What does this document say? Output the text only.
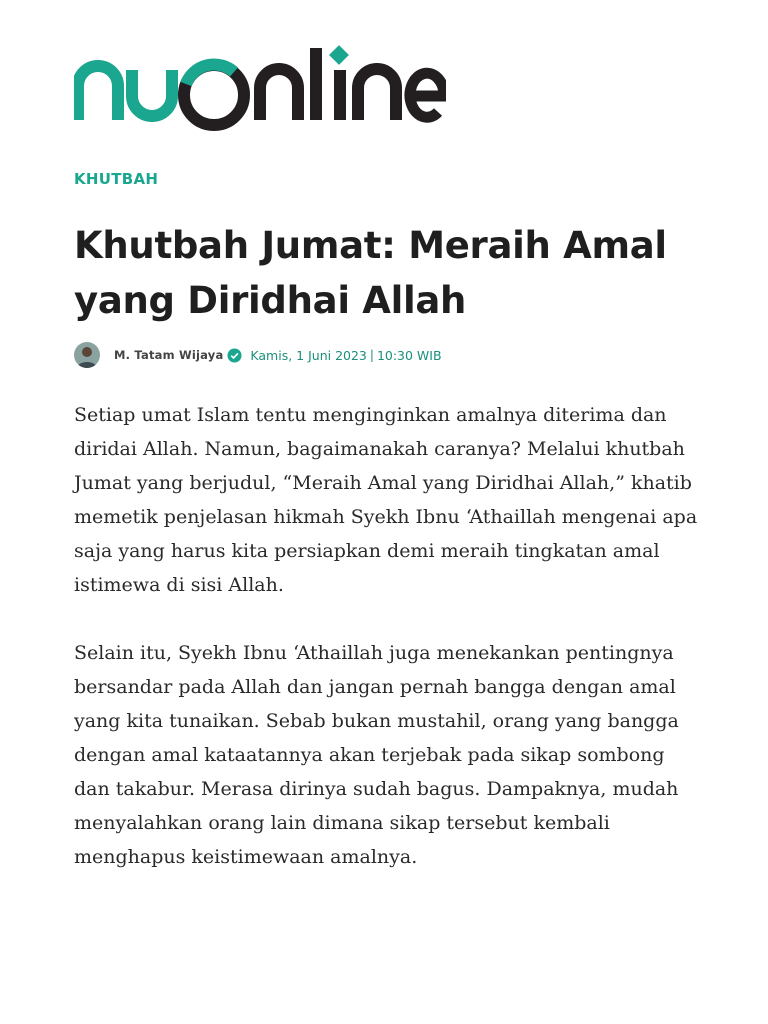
KHUTBAH
Khutbah Jumat: Meraih Amal
yang Diridhai Allah
M. Tatam Wijaya Kamis, 1 Juni 2023 | 10:30 WIB

Setiap umat Islam tentu menginginkan amalnya diterima dan diridai Allah. Namun, bagaimanakah caranya? Melalui khutbah Jumat yang berjudul, “Meraih Amal yang Diridhai Allah,” khatib memetik penjelasan hikmah Syekh Ibnu ‘Athaillah mengenai apa saja yang harus kita persiapkan demi meraih tingkatan amal istimewa di sisi Allah.

Selain itu, Syekh Ibnu ‘Athaillah juga menekankan pentingnya bersandar pada Allah dan jangan pernah bangga dengan amal yang kita tunaikan. Sebab bukan mustahil, orang yang bangga dengan amal kataatannya akan terjebak pada sikap sombong dan takabur. Merasa dirinya sudah bagus. Dampaknya, mudah menyalahkan orang lain dimana sikap tersebut kembali menghapus keistimewaan amalnya.
